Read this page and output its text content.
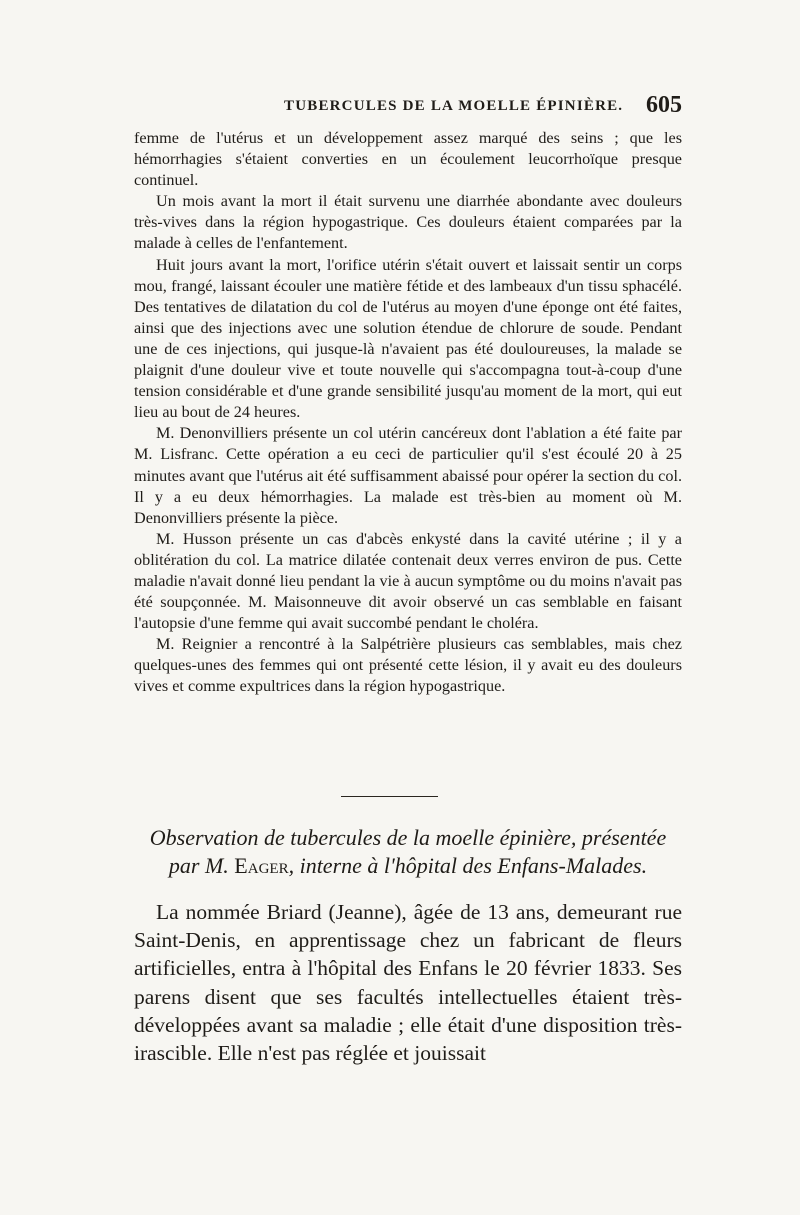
TUBERCULES DE LA MOELLE ÉPINIÈRE. 605

femme de l'utérus et un développement assez marqué des seins ; que les hémorrhagies s'étaient converties en un écoulement leucorrhoïque presque continuel.

Un mois avant la mort il était survenu une diarrhée abondante avec douleurs très-vives dans la région hypogastrique. Ces douleurs étaient comparées par la malade à celles de l'enfantement.

Huit jours avant la mort, l'orifice utérin s'était ouvert et laissait sentir un corps mou, frangé, laissant écouler une matière fétide et des lambeaux d'un tissu sphacélé. Des tentatives de dilatation du col de l'utérus au moyen d'une éponge ont été faites, ainsi que des injections avec une solution étendue de chlorure de soude. Pendant une de ces injections, qui jusque-là n'avaient pas été douloureuses, la malade se plaignit d'une douleur vive et toute nouvelle qui s'accompagna tout-à-coup d'une tension considérable et d'une grande sensibilité jusqu'au moment de la mort, qui eut lieu au bout de 24 heures.

M. Denonvilliers présente un col utérin cancéreux dont l'ablation a été faite par M. Lisfranc. Cette opération a eu ceci de particulier qu'il s'est écoulé 20 à 25 minutes avant que l'utérus ait été suffisamment abaissé pour opérer la section du col. Il y a eu deux hémorrhagies. La malade est très-bien au moment où M. Denonvilliers présente la pièce.

M. Husson présente un cas d'abcès enkysté dans la cavité utérine ; il y a oblitération du col. La matrice dilatée contenait deux verres environ de pus. Cette maladie n'avait donné lieu pendant la vie à aucun symptôme ou du moins n'avait pas été soupçonnée. M. Maisonneuve dit avoir observé un cas semblable en faisant l'autopsie d'une femme qui avait succombé pendant le choléra.

M. Reignier a rencontré à la Salpétrière plusieurs cas semblables, mais chez quelques-unes des femmes qui ont présenté cette lésion, il y avait eu des douleurs vives et comme expultrices dans la région hypogastrique.

Observation de tubercules de la moelle épinière, présentée par M. Eager, interne à l'hôpital des Enfans-Malades.

La nommée Briard (Jeanne), âgée de 13 ans, demeurant rue Saint-Denis, en apprentissage chez un fabricant de fleurs artificielles, entra à l'hôpital des Enfans le 20 février 1833. Ses parens disent que ses facultés intellectuelles étaient très-développées avant sa maladie ; elle était d'une disposition très-irascible. Elle n'est pas réglée et jouissait
